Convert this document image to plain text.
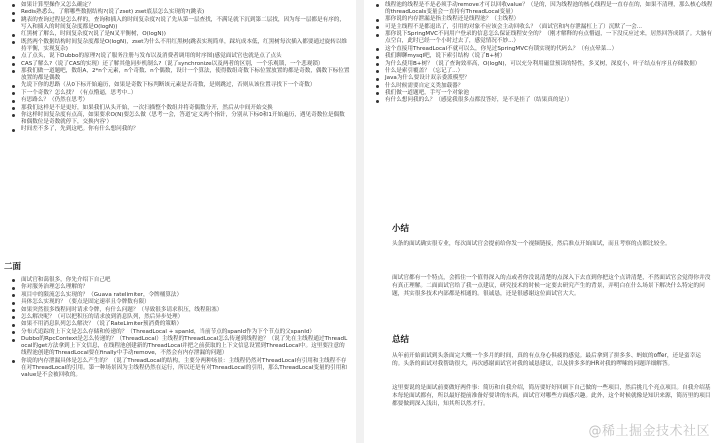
如果计算型操作又怎么确定？
Redis熟悉么，了解哪些数据结构?(说了zset) zset底层怎么实现的?(跳表)
跳表的查询过程是怎么样的，查询和插入的时间复杂度?(说了先从第一层查找，不满足就下沉到第二层找，因为每一层都是有序的，写入和插入的时间复杂度都是O(logN))
红黑树了解么，时间复杂度?(说了是N叉平衡树，O(logN))
既然两个数据结构时间复杂度都是O(logN)，zset为什么不用红黑树(跳表实现简单，踩坑成本低，红黑树每次插入都要通过旋转以维持平衡，实现复杂)
点了点头，说下Dubbo的原理?(说了服务注册与发布以及消费者调用的时序图)感觉面试官也就是点了点头
CAS了解么?（说了CAS的实现）还了解其他同步机制么?（说了synchronize以及两者的区别，一个乐观锁，一个悲观锁）
那我们做一道题吧，数组A，2*n个元素，n个奇数、n个偶数，设计一个算法，使得数组奇数下标位置放置的都是奇数，偶数下标位置放置的都是偶数
先说下你的思路（从0下标开始遍历，如果是奇数下标判断该元素是否奇数，是则跳过，否则从该位置寻找下一个奇数）
下一个奇数？怎么找？（有点懵逼，思考中..）
有思路么？（仍然在思考）
那我们这样是不是更好，如果我们从头开始，一次扫描整个数组并将奇偶数分开，然后从中间开始交换
你这样时间复杂度有点高，如果要求O(N)要怎么做（思考一会，答道'定义两个指针，分别从下标0和1开始遍历，遇见奇数位是偶数和偶数位是奇数就停下，交换内容'）
时间差不多了，先到这吧。你有什么想问我的？
二面
面试官和蔼很多，你先介绍下自己吧
你对服务治理怎么理解的？
项目中的限流怎么实现的？（Guava ratelimiter，令牌桶算法）
具体怎么实现的？（要点是固定速率且令牌数有限）
如果突然很多线程同时请求令牌，有什么问题？（导致很多请求积压，线程阻塞）
怎么解决呢？（可以把积压的请求放到消息队列，然后异步处理）
如果不用消息队列怎么解决？（说了RateLimiter预消费的策略）
分布式追踪的上下文是怎么存储和传递的？（ThreadLocal + spanId，当前节点的spanId作为下个节点的父spanId）
Dubbo的RpcContext是怎么传递的？（ThreadLocal）主线程的ThreadLocal怎么传递到线程池？（说了先在主线程通过ThreadLocal的get方法拿到上下文信息，在线程池创建新的ThreadLocal并把之前获取的上下文信息设置到ThreadLocal中。这里要注意的线程池创建的ThreadLocal要在finally中手动remove，不然会有内存泄漏的问题）
你说的内存泄漏具体是怎么产生的？（说了ThreadLocal的结构，主要分两种场景：主线程仍然对ThreadLocal有引用和主线程不存在对ThreadLocal的引用。第一种场景因为主线程仍然在运行，所以还是有对ThreadLocal的引用，那么ThreadLocal变量的引用和value是不会被回收的。
线程池的线程是不是必须手动remove才可以回收value？（是的，因为线程池的核心线程是一直存在的，如果不清理，那么核心线程的threadLocals变量会一直持有ThreadLocal变量）
那你说的内存泄漏是指主线程还是线程池？（主线程）
可是主线程不是都退出了，引用的对象不应该会主动回收么？（面试官和内存泄漏杠上了）沉默了一会...
那你说下SpringMVC不同用户登录的信息怎么保证线程安全的？（刚才解释的有点懵逼，一下没反应过来，居然回答成锁了。大脑有点空白，此时已经一个小时过去了，感觉情况不妙...）
这个直接用ThreadLocal不就可以么，你见过SpringMVC有锁实现的代码么？（有点晕菜...）
我们聊聊mysql吧，说下索引结构（说了B+树）
为什么使用B+树？（说了查询效率高，O(logN)，可以充分利用磁盘预读的特性，多叉树，深度小，叶子结点有序且存储数据）
什么是索引覆盖？（忘记了...）
Java为什么要设计双亲委派模型？
什么时候需要自定义类加载器？
我们做一道题吧，手写一个对象池
有什么想问我的么？（感觉我很多点都没答好，是不是挂了（结果真的是））
小结

头条的面试确实很专业，每次面试官会提前给你发一个视频链接，然后准点开始面试，而且考察的点都比较全。

面试官都有一个特点，会抓住一个值得深入的点或者你没说清楚的点深入下去直到你把这个点讲清楚，不然面试官会觉得你并没有真正理解。二面面试官给了我一点建议，研究技术的时候一定要去研究产生的背景，弄明白在什么场景下解决什么特定的问题，其实很多技术内部都是相通的。很诚恳，还是很感谢这位面试官大大。

总结

从年前开始面试到头条面完大概一个多月的时间，真的有点身心俱疲的感觉。最后拿到了拼多多、蚂蚁的offer，还是蛮幸运的。头条的面试对我帮助很大，再次感谢面试官对我的诚恳建议，以及拼多多的HR对我的啰嗦的问题详细解答。

这里要说的是面试前要做好两件事：简历和自我介绍，简历要好好回顾下自己做的一些项目，然后挑几个亮点项目。自我介绍基本每轮面试都有，所以最好提前准备好要讲的东西，面试官对哪些方面感兴趣。此外，这个时候就像是知识来源，简历里的项目都要做到深入浅出，知其所以然才行。

@稀土掘金技术社区
